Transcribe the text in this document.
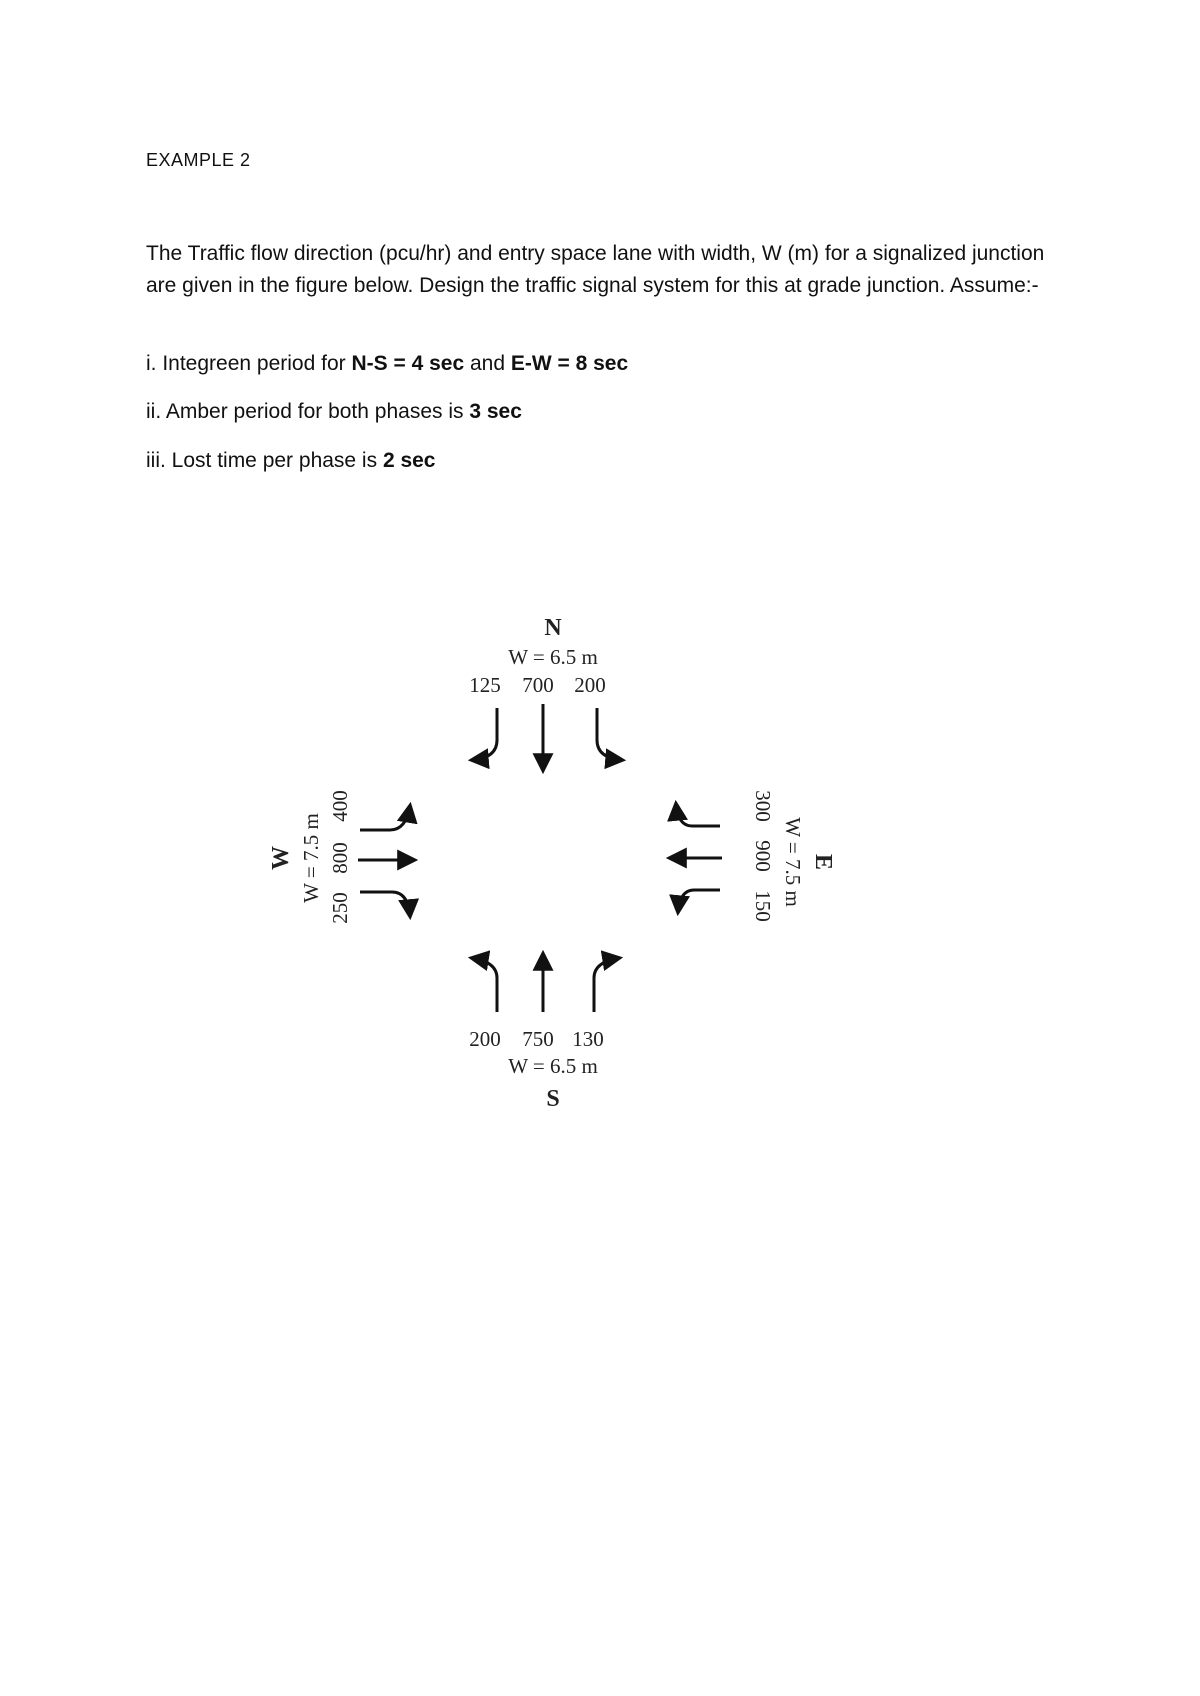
EXAMPLE 2
The Traffic flow direction (pcu/hr) and entry space lane with width, W (m) for a signalized junction are given in the figure below. Design the traffic signal system for this at grade junction. Assume:-
i. Integreen period for N-S = 4 sec and E-W = 8 sec
ii. Amber period for both phases is 3 sec
iii. Lost time per phase is 2 sec
N
W = 6.5 m
125 700 200
200 750 130
W = 6.5 m
S
W W = 7.5 m
250
800
400	300
900
150 W = 7.5 m E
